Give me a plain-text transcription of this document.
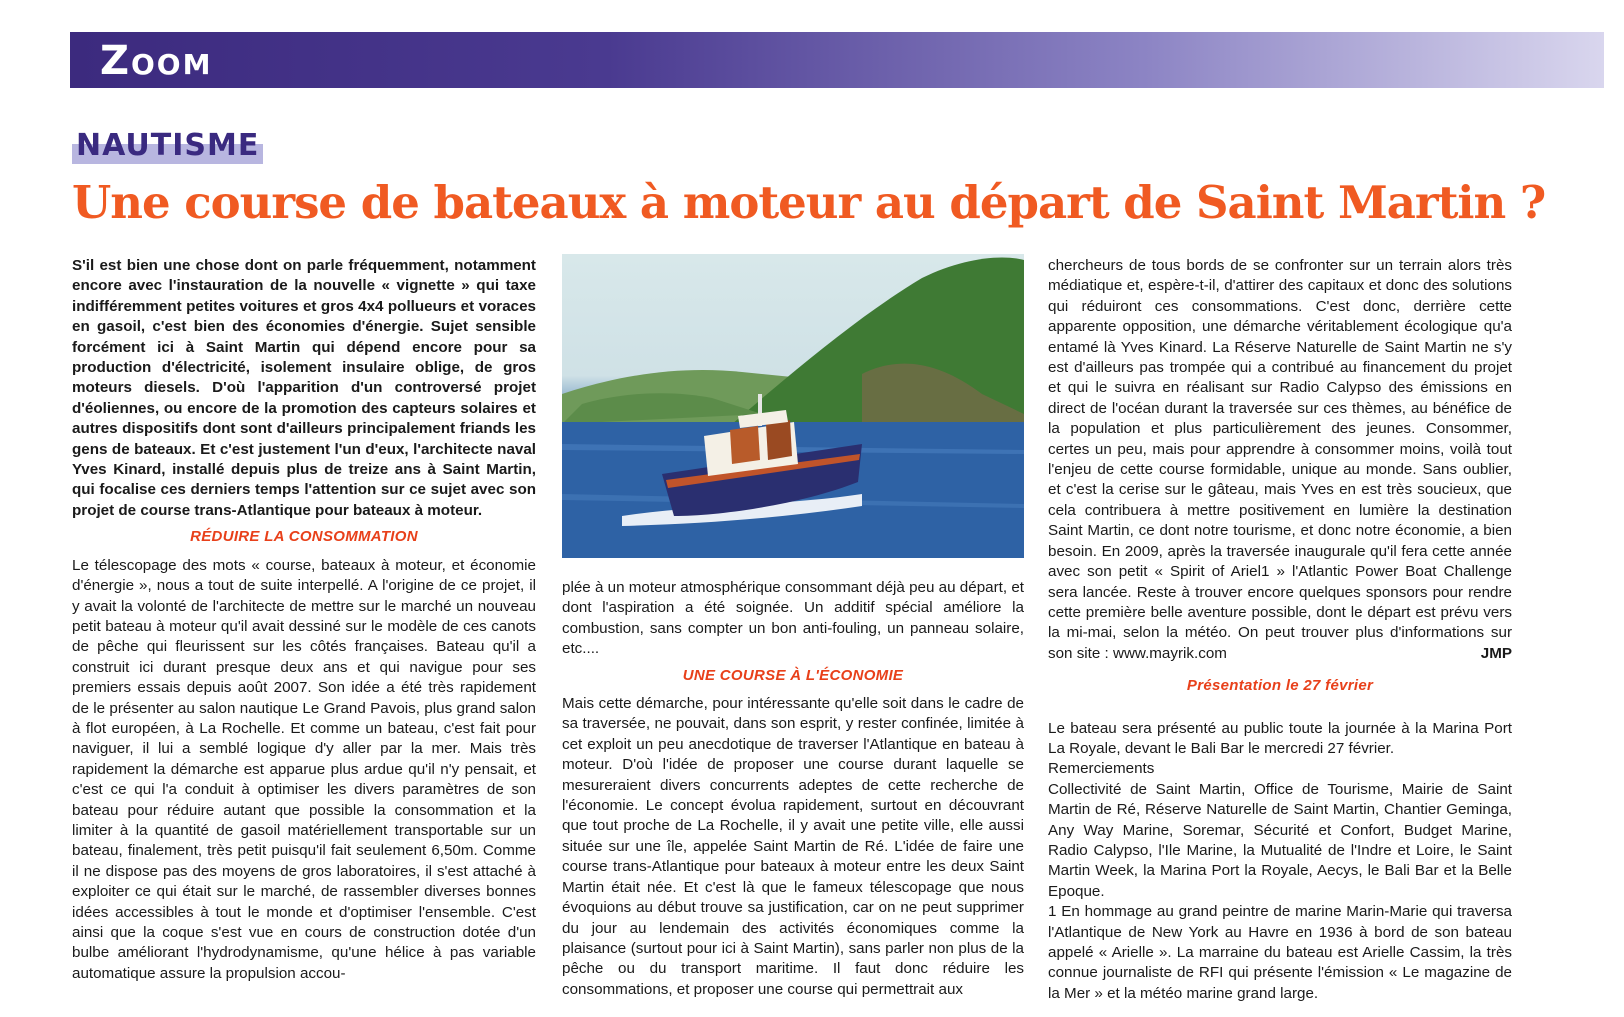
Zoom
NAUTISME
Une course de bateaux à moteur au départ de Saint Martin ?

S'il est bien une chose dont on parle fréquemment, notamment encore avec l'instauration de la nouvelle « vignette » qui taxe indifféremment petites voitures et gros 4x4 pollueurs et voraces en gasoil, c'est bien des économies d'énergie. Sujet sensible forcément ici à Saint Martin qui dépend encore pour sa production d'électricité, isolement insulaire oblige, de gros moteurs diesels. D'où l'apparition d'un controversé projet d'éoliennes, ou encore de la promotion des capteurs solaires et autres dispositifs dont sont d'ailleurs principalement friands les gens de bateaux. Et c'est justement l'un d'eux, l'architecte naval Yves Kinard, installé depuis plus de treize ans à Saint Martin, qui focalise ces derniers temps l'attention sur ce sujet avec son projet de course trans-Atlantique pour bateaux à moteur.

RÉDUIRE LA CONSOMMATION

Le télescopage des mots « course, bateaux à moteur, et économie d'énergie », nous a tout de suite interpellé. A l'origine de ce projet, il y avait la volonté de l'architecte de mettre sur le marché un nouveau petit bateau à moteur qu'il avait dessiné sur le modèle de ces canots de pêche qui fleurissent sur les côtés françaises. Bateau qu'il a construit ici durant presque deux ans et qui navigue pour ses premiers essais depuis août 2007. Son idée a été très rapidement de le présenter au salon nautique Le Grand Pavois, plus grand salon à flot européen, à La Rochelle. Et comme un bateau, c'est fait pour naviguer, il lui a semblé logique d'y aller par la mer. Mais très rapidement la démarche est apparue plus ardue qu'il n'y pensait, et c'est ce qui l'a conduit à optimiser les divers paramètres de son bateau pour réduire autant que possible la consommation et la limiter à la quantité de gasoil matériellement transportable sur un bateau, finalement, très petit puisqu'il fait seulement 6,50m. Comme il ne dispose pas des moyens de gros laboratoires, il s'est attaché à exploiter ce qui était sur le marché, de rassembler diverses bonnes idées accessibles à tout le monde et d'optimiser l'ensemble. C'est ainsi que la coque s'est vue en cours de construction dotée d'un bulbe améliorant l'hydrodynamisme, qu'une hélice à pas variable automatique assure la propulsion accou-

plée à un moteur atmosphérique consommant déjà peu au départ, et dont l'aspiration a été soignée. Un additif spécial améliore la combustion, sans compter un bon anti-fouling, un panneau solaire, etc....

UNE COURSE À L'ÉCONOMIE

Mais cette démarche, pour intéressante qu'elle soit dans le cadre de sa traversée, ne pouvait, dans son esprit, y rester confinée, limitée à cet exploit un peu anecdotique de traverser l'Atlantique en bateau à moteur. D'où l'idée de proposer une course durant laquelle se mesureraient divers concurrents adeptes de cette recherche de l'économie. Le concept évolua rapidement, surtout en découvrant que tout proche de La Rochelle, il y avait une petite ville, elle aussi située sur une île, appelée Saint Martin de Ré. L'idée de faire une course trans-Atlantique pour bateaux à moteur entre les deux Saint Martin était née. Et c'est là que le fameux télescopage que nous évoquions au début trouve sa justification, car on ne peut supprimer du jour au lendemain des activités économiques comme la plaisance (surtout pour ici à Saint Martin), sans parler non plus de la pêche ou du transport maritime. Il faut donc réduire les consommations, et proposer une course qui permettrait aux

chercheurs de tous bords de se confronter sur un terrain alors très médiatique et, espère-t-il, d'attirer des capitaux et donc des solutions qui réduiront ces consommations. C'est donc, derrière cette apparente opposition, une démarche véritablement écologique qu'a entamé là Yves Kinard. La Réserve Naturelle de Saint Martin ne s'y est d'ailleurs pas trompée qui a contribué au financement du projet et qui le suivra en réalisant sur Radio Calypso des émissions en direct de l'océan durant la traversée sur ces thèmes, au bénéfice de la population et plus particulièrement des jeunes. Consommer, certes un peu, mais pour apprendre à consommer moins, voilà tout l'enjeu de cette course formidable, unique au monde. Sans oublier, et c'est la cerise sur le gâteau, mais Yves en est très soucieux, que cela contribuera à mettre positivement en lumière la destination Saint Martin, ce dont notre tourisme, et donc notre économie, a bien besoin. En 2009, après la traversée inaugurale qu'il fera cette année avec son petit « Spirit of Ariel1 » l'Atlantic Power Boat Challenge sera lancée. Reste à trouver encore quelques sponsors pour rendre cette première belle aventure possible, dont le départ est prévu vers la mi-mai, selon la météo. On peut trouver plus d'informations sur son site : www.mayrik.com	JMP

Présentation le 27 février

Le bateau sera présenté au public toute la journée à la Marina Port La Royale, devant le Bali Bar le mercredi 27 février.

Remerciements

Collectivité de Saint Martin, Office de Tourisme, Mairie de Saint Martin de Ré, Réserve Naturelle de Saint Martin, Chantier Geminga, Any Way Marine, Soremar, Sécurité et Confort, Budget Marine, Radio Calypso, l'Ile Marine, la Mutualité de l'Indre et Loire, le Saint Martin Week, la Marina Port la Royale, Aecys, le Bali Bar et la Belle Epoque.

1 En hommage au grand peintre de marine Marin-Marie qui traversa l'Atlantique de New York au Havre en 1936 à bord de son bateau appelé « Arielle ». La marraine du bateau est Arielle Cassim, la très connue journaliste de RFI qui présente l'émission « Le magazine de la Mer » et la météo marine grand large.
